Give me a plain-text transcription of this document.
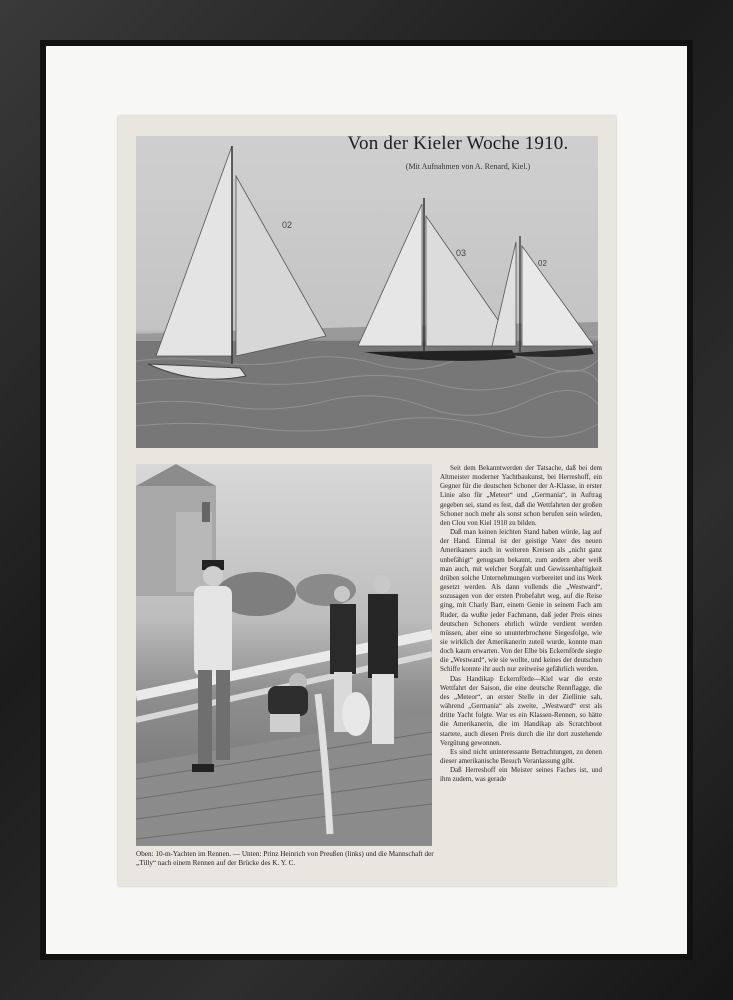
02
03
02
Von der Kieler Woche 1910.
(Mit Aufnahmen von A. Renard, Kiel.)
Oben: 10-m-Yachten im Rennen. — Unten: Prinz Heinrich von Preußen (links) und die Mannschaft der „Tilly“ nach einem Rennen auf der Brücke des K. Y. C.

Seit dem Bekanntwerden der Tatsache, daß bei dem Altmeister moderner Yachtbaukunst, bei Herreshoff, ein Gegner für die deutschen Schoner der A-Klasse, in erster Linie also für „Meteor“ und „Germania“, in Auftrag gegeben sei, stand es fest, daß die Wettfahrten der großen Schoner noch mehr als sonst schon berufen sein würden, den Clou von Kiel 1910 zu bilden.

Daß man keinen leichten Stand haben würde, lag auf der Hand. Einmal ist der geistige Vater des neuen Amerikaners auch in weiteren Kreisen als „nicht ganz unbefähigt“ genugsam bekannt, zum andern aber weiß man auch, mit welcher Sorgfalt und Gewissenhaftigkeit drüben solche Unternehmungen vorbereitet und ins Werk gesetzt werden. Als dann vollends die „Westward“, sozusagen von der ersten Probefahrt weg, auf die Reise ging, mit Charly Barr, einem Genie in seinem Fach am Ruder, da wußte jeder Fachmann, daß jeder Preis eines deutschen Schoners ehrlich würde verdient werden müssen, aber eine so ununterbrochene Siegesfolge, wie sie wirklich der Amerikanerin zuteil wurde, konnte man doch kaum erwarten. Von der Elbe bis Eckernförde siegte die „Westward“, wie sie wollte, und keines der deutschen Schiffe konnte ihr auch nur zeitweise gefährlich werden.

Das Handikap Eckernförde—Kiel war die erste Wettfahrt der Saison, die eine deutsche Rennflagge, die des „Meteor“, an erster Stelle in der Ziellinie sah, während „Germania“ als zweite, „Westward“ erst als dritte Yacht folgte. War es ein Klassen-Rennen, so hätte die Amerikanerin, die im Handikap als Scratchboot startete, auch diesen Preis durch die ihr dort zustehende Vergütung gewonnen.

Es sind nicht uninteressante Betrachtungen, zu denen dieser amerikanische Besuch Veranlassung gibt.

Daß Herreshoff ein Meister seines Faches ist, und ihm zudem, was gerade
